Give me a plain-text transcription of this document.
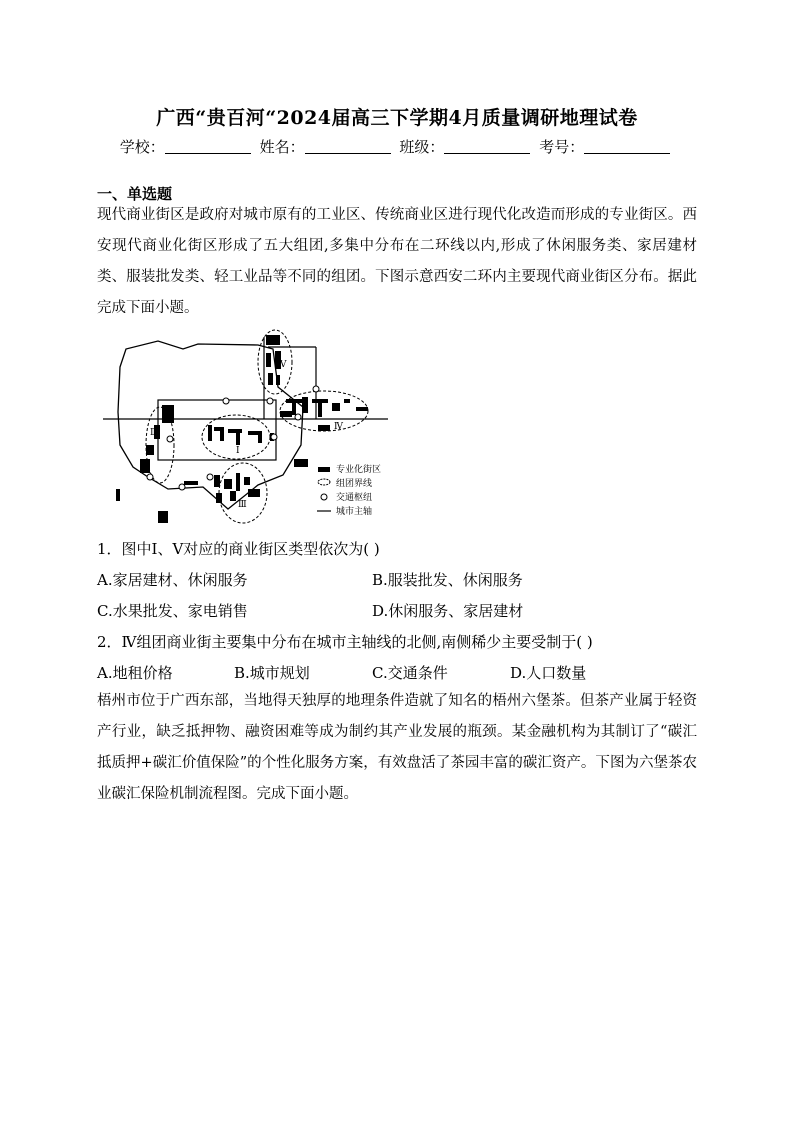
广西“贵百河“2024届高三下学期4月质量调研地理试卷
学校：	姓名：	班级：	考号：
一、单选题
现代商业街区是政府对城市原有的工业区、传统商业区进行现代化改造而形成的专业街区。西安现代商业化街区形成了五大组团,多集中分布在二环线以内,形成了休闲服务类、家居建材类、服装批发类、轻工业品等不同的组团。下图示意西安二环内主要现代商业街区分布。据此完成下面小题。
Ⅰ
Ⅱ
Ⅲ
Ⅳ
Ⅴ
专业化街区
组团界线
交通枢纽
城市主轴
1．图中Ⅰ、Ⅴ对应的商业街区类型依次为( )
A.家居建材、休闲服务	B.服装批发、休闲服务
C.水果批发、家电销售	D.休闲服务、家居建材
2．Ⅳ组团商业街主要集中分布在城市主轴线的北侧,南侧稀少主要受制于( )
A.地租价格	B.城市规划	C.交通条件	D.人口数量
梧州市位于广西东部，当地得天独厚的地理条件造就了知名的梧州六堡茶。但茶产业属于轻资产行业，缺乏抵押物、融资困难等成为制约其产业发展的瓶颈。某金融机构为其制订了“碳汇抵质押+碳汇价值保险”的个性化服务方案，有效盘活了茶园丰富的碳汇资产。下图为六堡茶农业碳汇保险机制流程图。完成下面小题。
